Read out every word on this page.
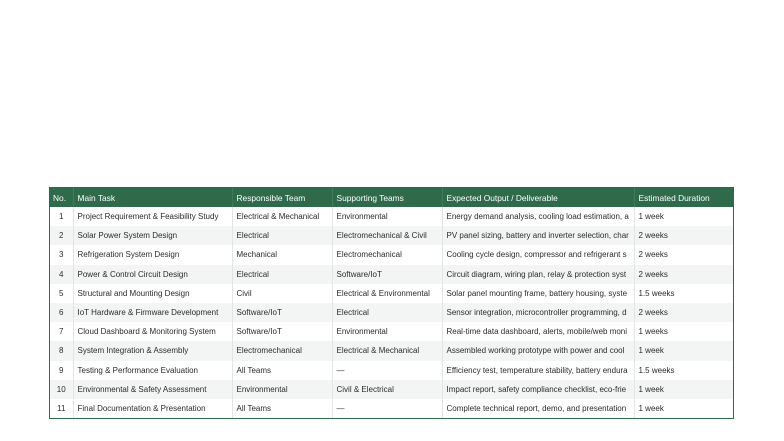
No.	Main Task	Responsible Team	Supporting Teams	Expected Output / Deliverable	Estimated Duration
1	Project Requirement & Feasibility Study	Electrical & Mechanical	Environmental	Energy demand analysis, cooling load estimation, a	1 week
2	Solar Power System Design	Electrical	Electromechanical & Civil	PV panel sizing, battery and inverter selection, char	2 weeks
3	Refrigeration System Design	Mechanical	Electromechanical	Cooling cycle design, compressor and refrigerant s	2 weeks
4	Power & Control Circuit Design	Electrical	Software/IoT	Circuit diagram, wiring plan, relay & protection syst	2 weeks
5	Structural and Mounting Design	Civil	Electrical & Environmental	Solar panel mounting frame, battery housing, syste	1.5 weeks
6	IoT Hardware & Firmware Development	Software/IoT	Electrical	Sensor integration, microcontroller programming, d	2 weeks
7	Cloud Dashboard & Monitoring System	Software/IoT	Environmental	Real-time data dashboard, alerts, mobile/web moni	1 weeks
8	System Integration & Assembly	Electromechanical	Electrical & Mechanical	Assembled working prototype with power and cool	1 week
9	Testing & Performance Evaluation	All Teams	—	Efficiency test, temperature stability, battery endura	1.5 weeks
10	Environmental & Safety Assessment	Environmental	Civil & Electrical	Impact report, safety compliance checklist, eco-frie	1 week
11	Final Documentation & Presentation	All Teams	—	Complete technical report, demo, and presentation	1 week
